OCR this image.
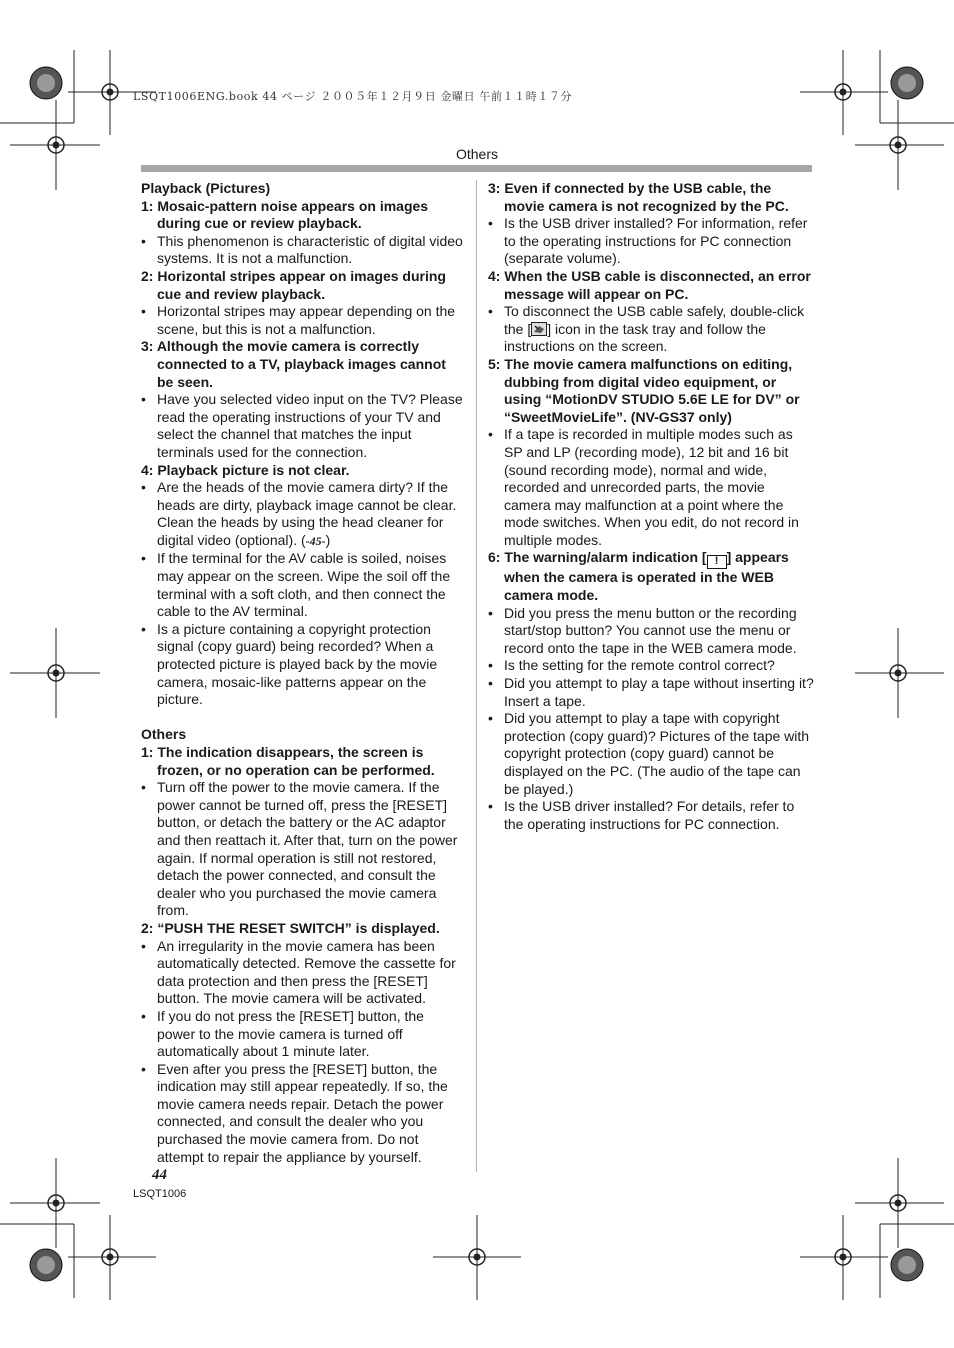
LSQT1006ENG.book 44 ページ ２００５年１２月９日 金曜日 午前１１時１７分
Others
Playback (Pictures)
1: Mosaic-pattern noise appears on images during cue or review playback.
• This phenomenon is characteristic of digital video systems. It is not a malfunction.
2: Horizontal stripes appear on images during cue and review playback.
• Horizontal stripes may appear depending on the scene, but this is not a malfunction.
3: Although the movie camera is correctly connected to a TV, playback images cannot be seen.
• Have you selected video input on the TV? Please read the operating instructions of your TV and select the channel that matches the input terminals used for the connection.
4: Playback picture is not clear.
• Are the heads of the movie camera dirty? If the heads are dirty, playback image cannot be clear. Clean the heads by using the head cleaner for digital video (optional). (-45-)
• If the terminal for the AV cable is soiled, noises may appear on the screen. Wipe the soil off the terminal with a soft cloth, and then connect the cable to the AV terminal.
• Is a picture containing a copyright protection signal (copy guard) being recorded? When a protected picture is played back by the movie camera, mosaic-like patterns appear on the picture.
Others
1: The indication disappears, the screen is frozen, or no operation can be performed.
• Turn off the power to the movie camera. If the power cannot be turned off, press the [RESET] button, or detach the battery or the AC adaptor and then reattach it. After that, turn on the power again. If normal operation is still not restored, detach the power connected, and consult the dealer who you purchased the movie camera from.
2: “PUSH THE RESET SWITCH” is displayed.
• An irregularity in the movie camera has been automatically detected. Remove the cassette for data protection and then press the [RESET] button. The movie camera will be activated.
• If you do not press the [RESET] button, the power to the movie camera is turned off automatically about 1 minute later.
• Even after you press the [RESET] button, the indication may still appear repeatedly. If so, the movie camera needs repair. Detach the power connected, and consult the dealer who you purchased the movie camera from. Do not attempt to repair the appliance by yourself.
3: Even if connected by the USB cable, the movie camera is not recognized by the PC.
• Is the USB driver installed? For information, refer to the operating instructions for PC connection (separate volume).
4: When the USB cable is disconnected, an error message will appear on PC.
• To disconnect the USB cable safely, double-click the [ ] icon in the task tray and follow the instructions on the screen.
5: The movie camera malfunctions on editing, dubbing from digital video equipment, or using “MotionDV STUDIO 5.6E LE for DV” or “SweetMovieLife”. (NV-GS37 only)
• If a tape is recorded in multiple modes such as SP and LP (recording mode), 12 bit and 16 bit (sound recording mode), normal and wide, recorded and unrecorded parts, the movie camera may malfunction at a point where the mode switches. When you edit, do not record in multiple modes.
6: The warning/alarm indication [ ! ] appears when the camera is operated in the WEB camera mode.
• Did you press the menu button or the recording start/stop button? You cannot use the menu or record onto the tape in the WEB camera mode.
• Is the setting for the remote control correct?
• Did you attempt to play a tape without inserting it? Insert a tape.
• Did you attempt to play a tape with copyright protection (copy guard)? Pictures of the tape with copyright protection (copy guard) cannot be displayed on the PC. (The audio of the tape can be played.)
• Is the USB driver installed? For details, refer to the operating instructions for PC connection.
44
LSQT1006
